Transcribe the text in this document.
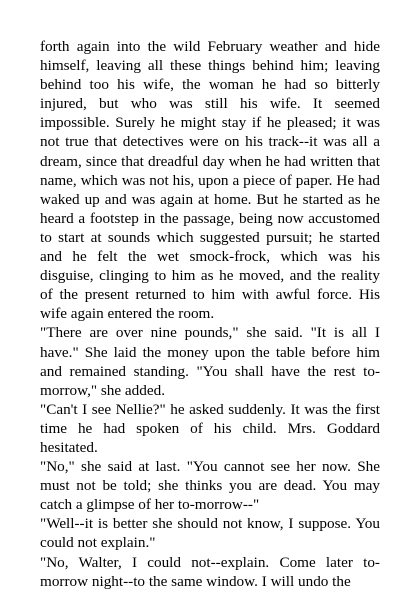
forth again into the wild February weather and hide himself, leaving all these things behind him; leaving behind too his wife, the woman he had so bitterly injured, but who was still his wife. It seemed impossible. Surely he might stay if he pleased; it was not true that detectives were on his track--it was all a dream, since that dreadful day when he had written that name, which was not his, upon a piece of paper. He had waked up and was again at home. But he started as he heard a footstep in the passage, being now accustomed to start at sounds which suggested pursuit; he started and he felt the wet smock-frock, which was his disguise, clinging to him as he moved, and the reality of the present returned to him with awful force. His wife again entered the room.

"There are over nine pounds," she said. "It is all I have." She laid the money upon the table before him and remained standing. "You shall have the rest to-morrow," she added.

"Can't I see Nellie?" he asked suddenly. It was the first time he had spoken of his child. Mrs. Goddard hesitated.

"No," she said at last. "You cannot see her now. She must not be told; she thinks you are dead. You may catch a glimpse of her to-morrow--"

"Well--it is better she should not know, I suppose. You could not explain."

"No, Walter, I could not--explain. Come later to-morrow night--to the same window. I will undo the
